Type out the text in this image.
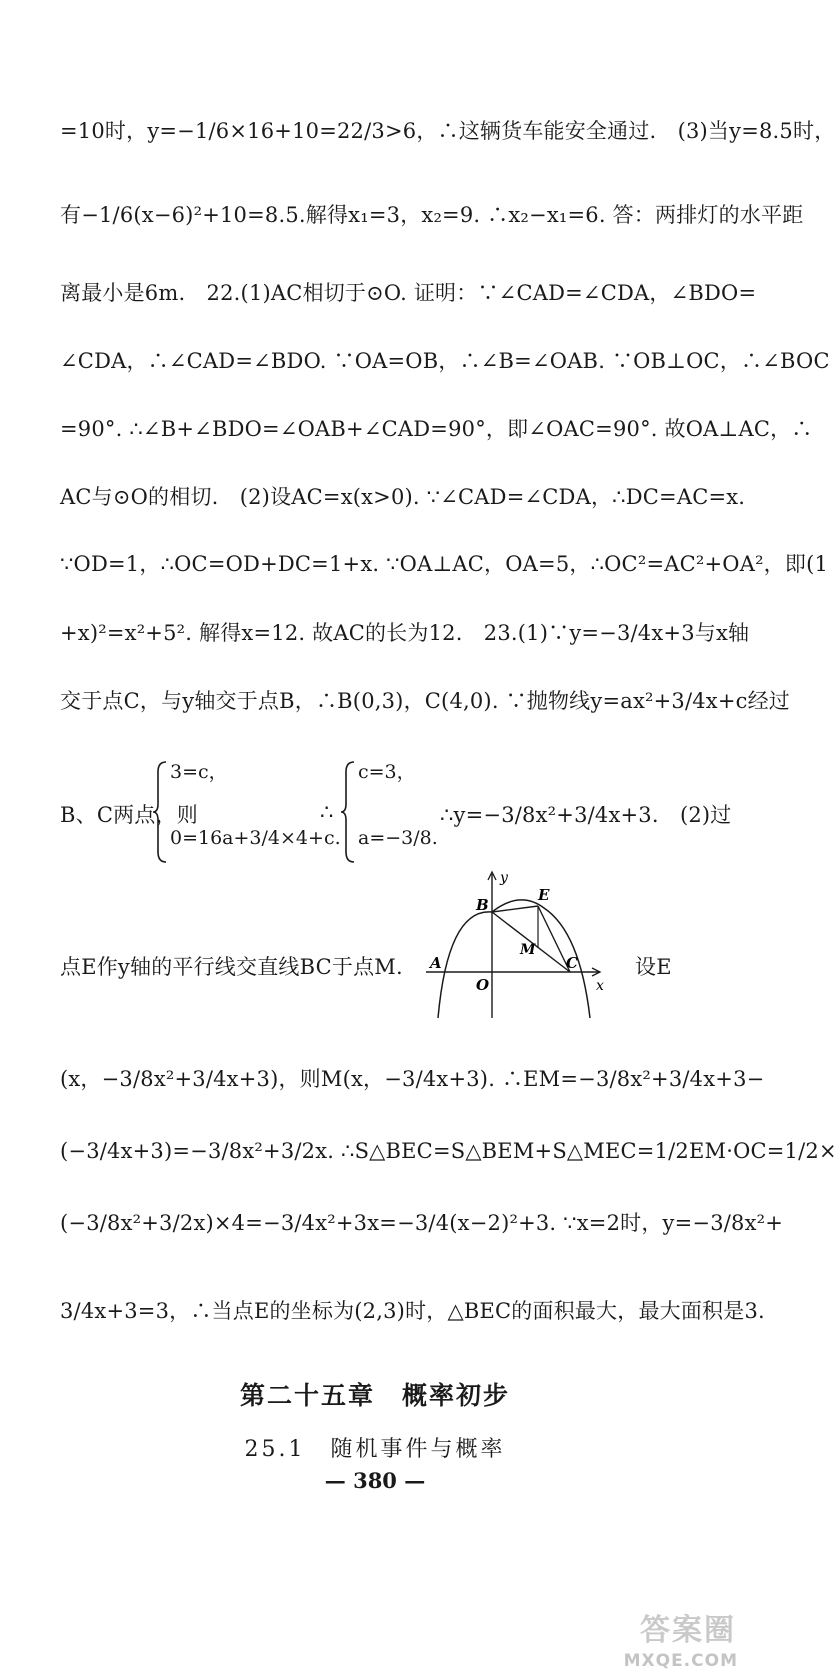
=10时，y=−1/6×16+10=22/3>6，∴这辆货车能安全通过.　(3)当y=8.5时，
有−1/6(x−6)²+10=8.5.解得x₁=3，x₂=9. ∴x₂−x₁=6. 答：两排灯的水平距
离最小是6m.　22.(1)AC相切于⊙O. 证明：∵∠CAD=∠CDA，∠BDO=
∠CDA，∴∠CAD=∠BDO. ∵OA=OB，∴∠B=∠OAB. ∵OB⊥OC，∴∠BOC
=90°. ∴∠B+∠BDO=∠OAB+∠CAD=90°，即∠OAC=90°. 故OA⊥AC，∴
AC与⊙O的相切.　(2)设AC=x(x>0). ∵∠CAD=∠CDA，∴DC=AC=x.
∵OD=1，∴OC=OD+DC=1+x. ∵OA⊥AC，OA=5，∴OC²=AC²+OA²，即(1
+x)²=x²+5². 解得x=12. 故AC的长为12.　23.(1)∵y=−3/4x+3与x轴
交于点C，与y轴交于点B，∴B(0,3)，C(4,0). ∵抛物线y=ax²+3/4x+c经过
B、C两点，则
3=c，
0=16a+3/4×4+c.
∴
c=3，
a=−3/8.
∴y=−3/8x²+3/4x+3.　(2)过
点E作y轴的平行线交直线BC于点M.	设E
y
x
B
E
M
A
O
C
(x，−3/8x²+3/4x+3)，则M(x，−3/4x+3). ∴EM=−3/8x²+3/4x+3−
(−3/4x+3)=−3/8x²+3/2x. ∴S△BEC=S△BEM+S△MEC=1/2EM·OC=1/2×
(−3/8x²+3/2x)×4=−3/4x²+3x=−3/4(x−2)²+3. ∵x=2时，y=−3/8x²+
3/4x+3=3，∴当点E的坐标为(2,3)时，△BEC的面积最大，最大面积是3.
第二十五章　概率初步
25.1　随机事件与概率
— 380 —
答案圈
MXQE.COM
